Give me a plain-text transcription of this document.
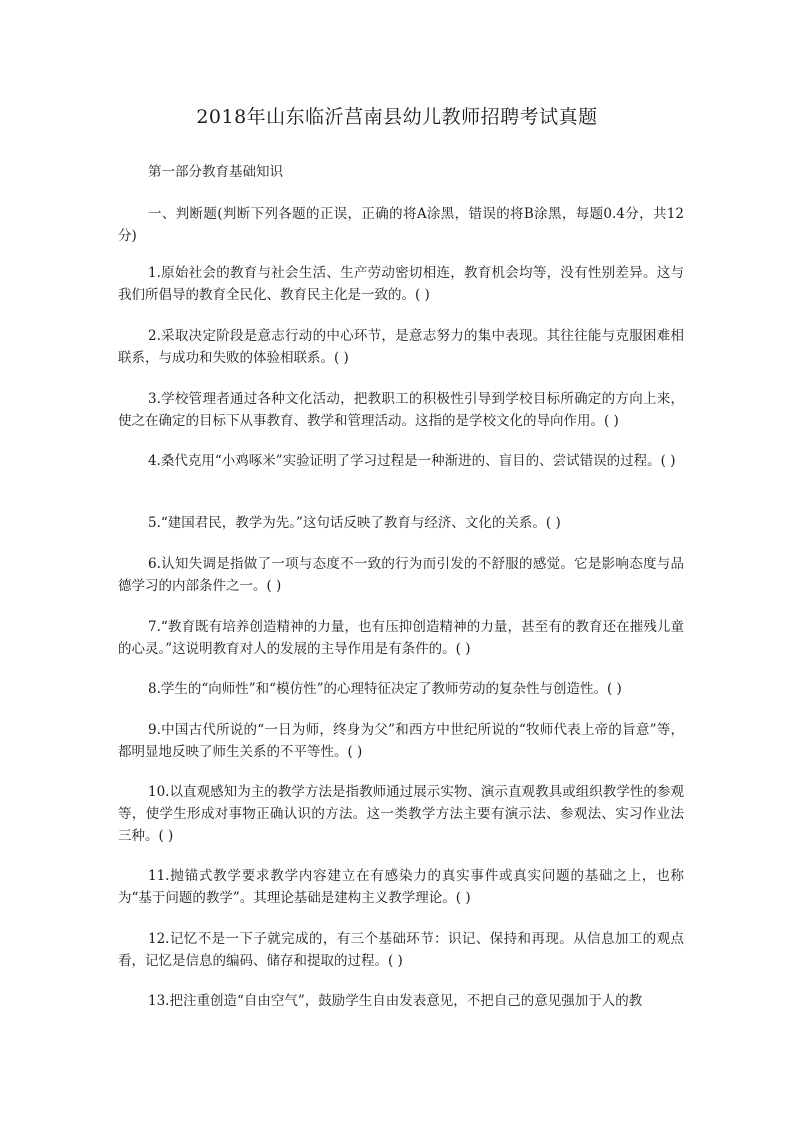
2018年山东临沂莒南县幼儿教师招聘考试真题
第一部分教育基础知识
一、判断题(判断下列各题的正误，正确的将A涂黑，错误的将B涂黑，每题0.4分，共12分)
1.原始社会的教育与社会生活、生产劳动密切相连，教育机会均等，没有性别差异。这与我们所倡导的教育全民化、教育民主化是一致的。( )
2.采取决定阶段是意志行动的中心环节，是意志努力的集中表现。其往往能与克服困难相联系，与成功和失败的体验相联系。( )
3.学校管理者通过各种文化活动，把教职工的积极性引导到学校目标所确定的方向上来，使之在确定的目标下从事教育、教学和管理活动。这指的是学校文化的导向作用。( )
4.桑代克用“小鸡啄米”实验证明了学习过程是一种渐进的、盲目的、尝试错误的过程。( )
5.“建国君民，教学为先。”这句话反映了教育与经济、文化的关系。( )
6.认知失调是指做了一项与态度不一致的行为而引发的不舒服的感觉。它是影响态度与品德学习的内部条件之一。( )
7.“教育既有培养创造精神的力量，也有压抑创造精神的力量，甚至有的教育还在摧残儿童的心灵。”这说明教育对人的发展的主导作用是有条件的。( )
8.学生的“向师性”和“模仿性”的心理特征决定了教师劳动的复杂性与创造性。( )
9.中国古代所说的“一日为师，终身为父”和西方中世纪所说的“牧师代表上帝的旨意”等，都明显地反映了师生关系的不平等性。( )
10.以直观感知为主的教学方法是指教师通过展示实物、演示直观教具或组织教学性的参观等，使学生形成对事物正确认识的方法。这一类教学方法主要有演示法、参观法、实习作业法三种。( )
11.抛锚式教学要求教学内容建立在有感染力的真实事件或真实问题的基础之上，也称为“基于问题的教学”。其理论基础是建构主义教学理论。( )
12.记忆不是一下子就完成的，有三个基础环节：识记、保持和再现。从信息加工的观点看，记忆是信息的编码、储存和提取的过程。( )
13.把注重创造“自由空气”，鼓励学生自由发表意见，不把自己的意见强加于人的教
